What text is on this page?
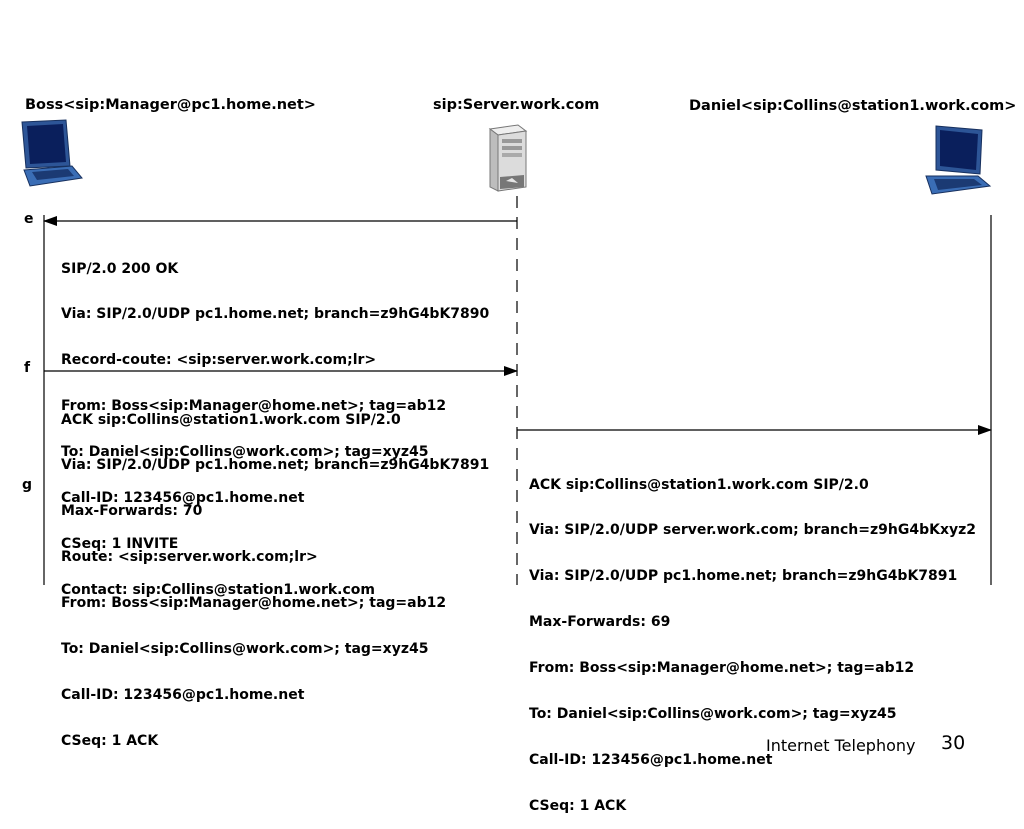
Boss<sip:Manager@pc1.home.net>	sip:Server.work.com	Daniel<sip:Collins@station1.work.com>
e
f
g

SIP/2.0 200 OK

Via: SIP/2.0/UDP pc1.home.net; branch=z9hG4bK7890

Record-coute: <sip:server.work.com;lr>

From: Boss<sip:Manager@home.net>; tag=ab12

To: Daniel<sip:Collins@work.com>; tag=xyz45

Call-ID: 123456@pc1.home.net

CSeq: 1 INVITE

Contact: sip:Collins@station1.work.com

ACK sip:Collins@station1.work.com SIP/2.0

Via: SIP/2.0/UDP pc1.home.net; branch=z9hG4bK7891

Max-Forwards: 70

Route: <sip:server.work.com;lr>

From: Boss<sip:Manager@home.net>; tag=ab12

To: Daniel<sip:Collins@work.com>; tag=xyz45

Call-ID: 123456@pc1.home.net

CSeq: 1 ACK

ACK sip:Collins@station1.work.com SIP/2.0

Via: SIP/2.0/UDP server.work.com; branch=z9hG4bKxyz2

Via: SIP/2.0/UDP pc1.home.net; branch=z9hG4bK7891

Max-Forwards: 69

From: Boss<sip:Manager@home.net>; tag=ab12

To: Daniel<sip:Collins@work.com>; tag=xyz45

Call-ID: 123456@pc1.home.net

CSeq: 1 ACK

Internet Telephony 30
